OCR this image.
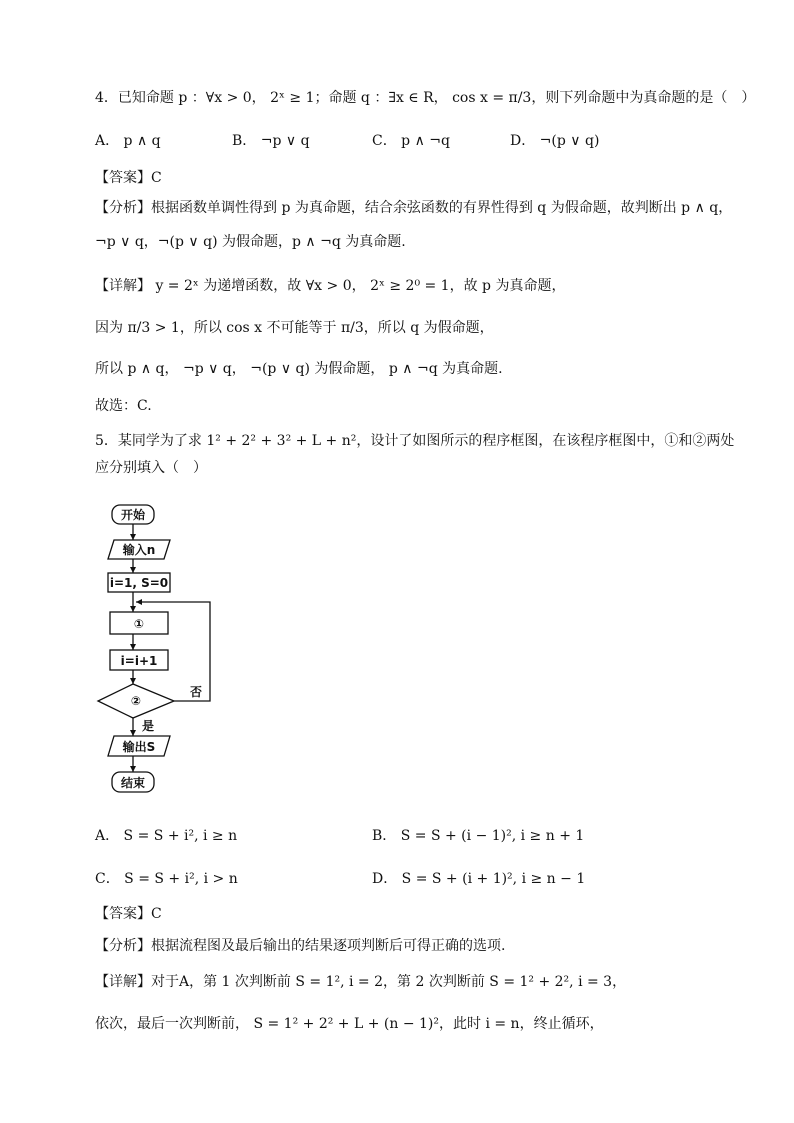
4．已知命题 p ：∀x > 0， 2ˣ ≥ 1；命题 q ：∃x ∈ R， cos x = π/3，则下列命题中为真命题的是（　）
A． p ∧ q	B． ¬p ∨ q	C． p ∧ ¬q	D． ¬(p ∨ q)
【答案】C
【分析】根据函数单调性得到 p 为真命题，结合余弦函数的有界性得到 q 为假命题，故判断出 p ∧ q，
¬p ∨ q，¬(p ∨ q) 为假命题，p ∧ ¬q 为真命题.
【详解】 y = 2ˣ 为递增函数，故 ∀x > 0， 2ˣ ≥ 2⁰ = 1，故 p 为真命题，
因为 π/3 > 1，所以 cos x 不可能等于 π/3，所以 q 为假命题，
所以 p ∧ q， ¬p ∨ q， ¬(p ∨ q) 为假命题， p ∧ ¬q 为真命题.
故选：C.
5．某同学为了求 1² + 2² + 3² + L + n²，设计了如图所示的程序框图，在该程序框图中，①和②两处
应分别填入（　）
开始
输入n
i=1, S=0
①
i=i+1
②
否
是
输出S
结束
A． S = S + i², i ≥ n	B． S = S + (i − 1)², i ≥ n + 1
C． S = S + i², i > n	D． S = S + (i + 1)², i ≥ n − 1
【答案】C
【分析】根据流程图及最后输出的结果逐项判断后可得正确的选项.
【详解】对于A，第 1 次判断前 S = 1², i = 2，第 2 次判断前 S = 1² + 2², i = 3，
依次，最后一次判断前， S = 1² + 2² + L + (n − 1)²，此时 i = n，终止循环，
